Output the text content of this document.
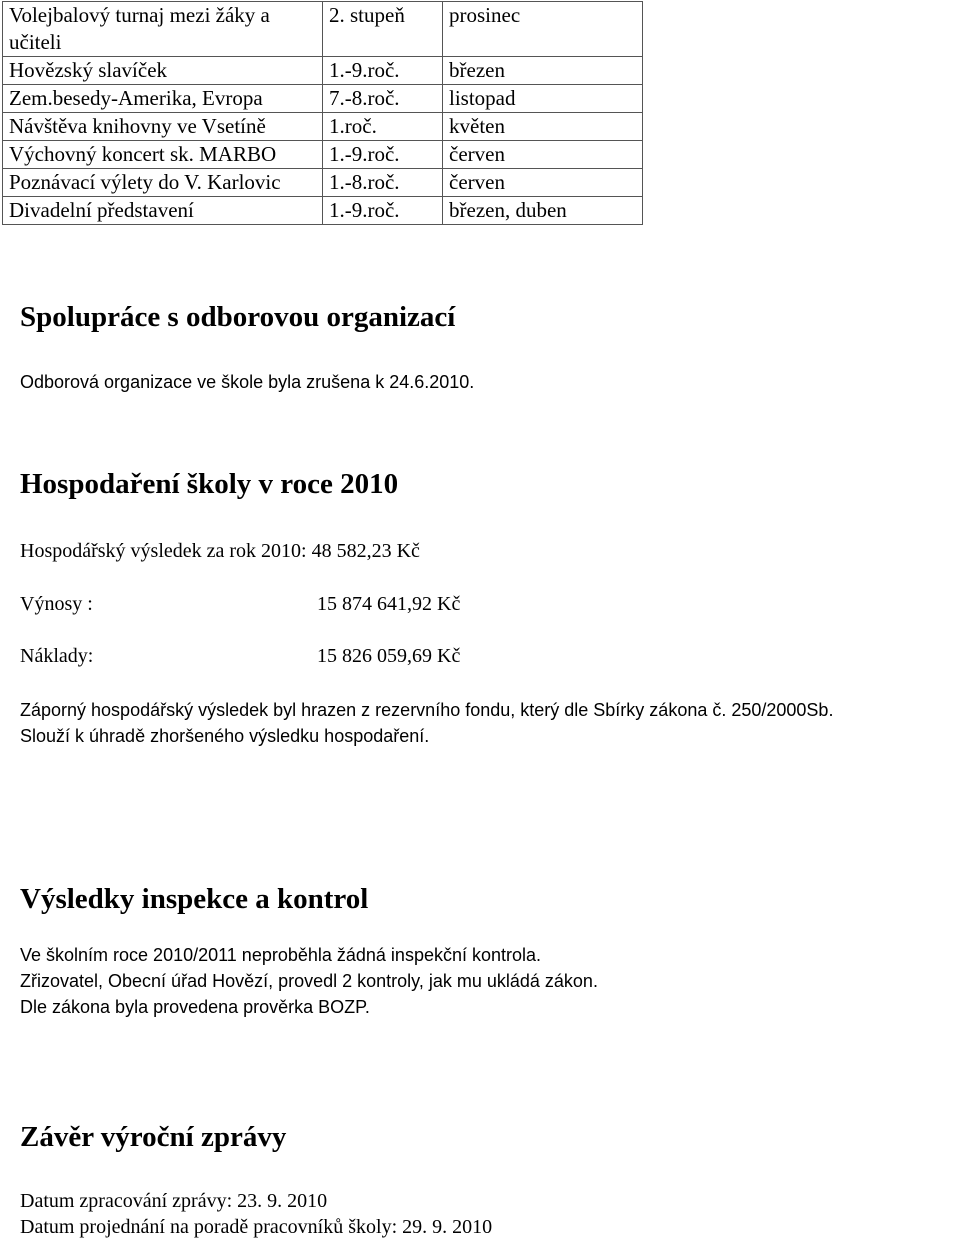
Volejbalový turnaj mezi žáky a učiteli	2. stupeň	prosinec
Hovězský slavíček	1.-9.roč.	březen
Zem.besedy-Amerika, Evropa	7.-8.roč.	listopad
Návštěva knihovny ve Vsetíně	1.roč.	květen
Výchovný koncert sk. MARBO	1.-9.roč.	červen
Poznávací výlety do V. Karlovic	1.-8.roč.	červen
Divadelní představení	1.-9.roč.	březen, duben
Spolupráce s odborovou organizací

Odborová organizace ve škole byla zrušena k 24.6.2010.

Hospodaření školy v roce 2010

Hospodářský výsledek za rok 2010: 48 582,23 Kč

Výnosy :	15 874 641,92 Kč

Náklady:	15 826 059,69 Kč

Záporný hospodářský výsledek byl hrazen z rezervního fondu, který dle Sbírky zákona č. 250/2000Sb.

Slouží k úhradě zhoršeného výsledku hospodaření.

Výsledky inspekce a kontrol

Ve školním roce 2010/2011 neproběhla žádná inspekční kontrola.

Zřizovatel, Obecní úřad Hovězí, provedl 2 kontroly, jak mu ukládá zákon.

Dle zákona byla provedena prověrka BOZP.

Závěr výroční zprávy

Datum zpracování zprávy: 23. 9. 2010

Datum projednání na poradě pracovníků školy: 29. 9. 2010
